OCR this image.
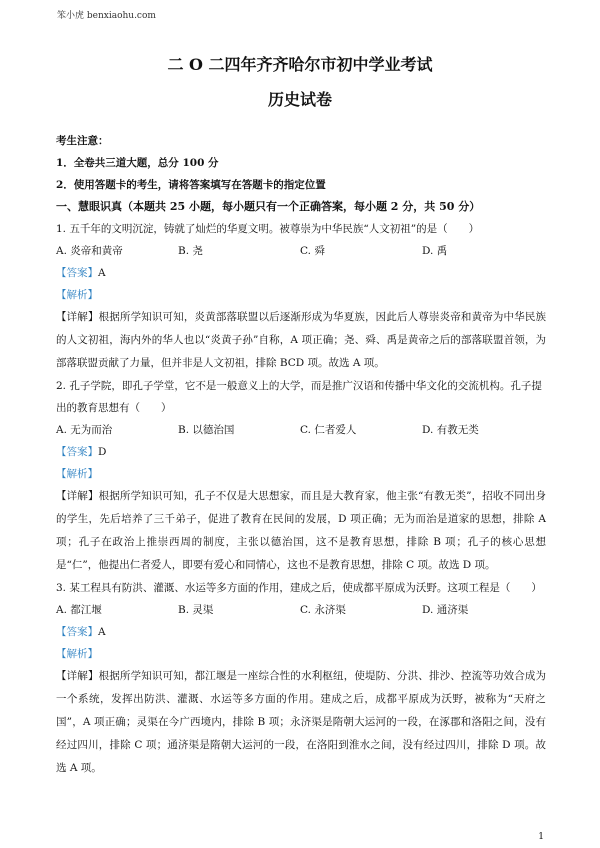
笨小虎 benxiaohu.com
二 O 二四年齐齐哈尔市初中学业考试
历史试卷
考生注意：
1．全卷共三道大题，总分 100 分
2．使用答题卡的考生，请将答案填写在答题卡的指定位置
一、慧眼识真（本题共 25 小题，每小题只有一个正确答案，每小题 2 分，共 50 分）
1. 五千年的文明沉淀，铸就了灿烂的华夏文明。被尊崇为中华民族“人文初祖”的是（　　）
A. 炎帝和黄帝	B. 尧	C. 舜	D. 禹
【答案】A
【解析】
【详解】根据所学知识可知，炎黄部落联盟以后逐渐形成为华夏族，因此后人尊崇炎帝和黄帝为中华民族的人文初祖，海内外的华人也以“炎黄子孙”自称，A 项正确；尧、舜、禹是黄帝之后的部落联盟首领，为部落联盟贡献了力量，但并非是人文初祖，排除 BCD 项。故选 A 项。
2. 孔子学院，即孔子学堂，它不是一般意义上的大学，而是推广汉语和传播中华文化的交流机构。孔子提出的教育思想有（　　）
A. 无为而治	B. 以德治国	C. 仁者爱人	D. 有教无类
【答案】D
【解析】
【详解】根据所学知识可知，孔子不仅是大思想家，而且是大教育家，他主张“有教无类”，招收不同出身的学生，先后培养了三千弟子，促进了教育在民间的发展，D 项正确；无为而治是道家的思想，排除 A 项；孔子在政治上推崇西周的制度，主张以德治国，这不是教育思想，排除 B 项；孔子的核心思想是“仁”，他提出仁者爱人，即要有爱心和同情心，这也不是教育思想，排除 C 项。故选 D 项。
3. 某工程具有防洪、灌溉、水运等多方面的作用，建成之后，使成都平原成为沃野。这项工程是（　　）
A. 都江堰	B. 灵渠	C. 永济渠	D. 通济渠
【答案】A
【解析】
【详解】根据所学知识可知，都江堰是一座综合性的水利枢纽，使堤防、分洪、排沙、控流等功效合成为一个系统，发挥出防洪、灌溉、水运等多方面的作用。建成之后，成都平原成为沃野，被称为“天府之国”，A 项正确；灵渠在今广西境内，排除 B 项；永济渠是隋朝大运河的一段，在涿郡和洛阳之间，没有经过四川，排除 C 项；通济渠是隋朝大运河的一段，在洛阳到淮水之间，没有经过四川，排除 D 项。故选 A 项。
1
